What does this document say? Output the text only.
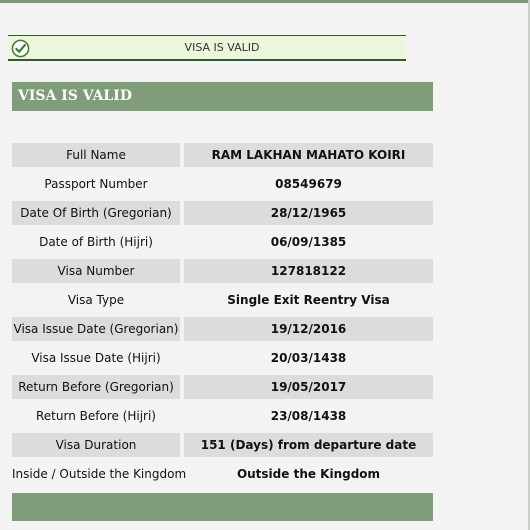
VISA IS VALID
VISA IS VALID
Full Name	RAM LAKHAN MAHATO KOIRI
Passport Number	08549679
Date Of Birth (Gregorian)	28/12/1965
Date of Birth (Hijri)	06/09/1385
Visa Number	127818122
Visa Type	Single Exit Reentry Visa
Visa Issue Date (Gregorian)	19/12/2016
Visa Issue Date (Hijri)	20/03/1438
Return Before (Gregorian)	19/05/2017
Return Before (Hijri)	23/08/1438
Visa Duration	151 (Days) from departure date
Inside / Outside the Kingdom	Outside the Kingdom
